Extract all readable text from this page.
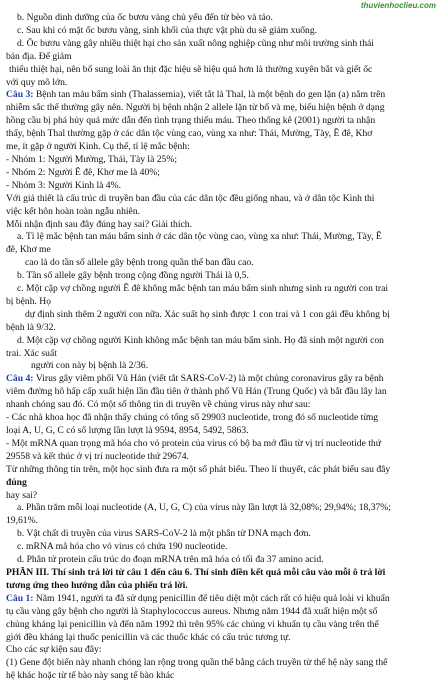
thuvienhoclieu.com
b. Nguồn dinh dưỡng của ốc bươu vàng chủ yếu đến từ bèo và tảo.
c. Sau khi có mặt ốc bươu vàng, sinh khối của thực vật phù du sẽ giảm xuống.
d. Ốc bươu vàng gây nhiều thiệt hại cho sản xuất nông nghiệp cũng như môi trường sinh thái
bản địa. Để giảm
thiểu thiệt hại, nên bổ sung loài ăn thịt đặc hiệu sẽ hiệu quả hơn là thường xuyên bắt và giết ốc
với quy mô lớn.
Câu 3: Bệnh tan máu bẩm sinh (Thalassemia), viết tắt là Thal, là một bệnh do gen lặn (a) nằm trên
nhiễm sắc thể thường gây nên. Người bị bệnh nhận 2 allele lặn từ bố và mẹ, biểu hiện bệnh ở dạng
hồng cầu bị phá hủy quá mức dẫn đến tình trạng thiếu máu. Theo thống kê (2001) người ta nhận
thấy, bệnh Thal thường gặp ở các dân tộc vùng cao, vùng xa như: Thái, Mường, Tày, Ê đê, Khơ
me, ít gặp ở người Kinh. Cụ thể, tỉ lệ mắc bệnh:
- Nhóm 1: Người Mường, Thái, Tày là 25%;
- Nhóm 2: Người Ê đê, Khơ me là 40%;
- Nhóm 3: Người Kinh là 4%.
Với giả thiết là cấu trúc di truyền ban đầu của các dân tộc đều giống nhau, và ở dân tộc Kinh thì
việc kết hôn hoàn toàn ngẫu nhiên.
Mỗi nhận định sau đây đúng hay sai? Giải thích.
a. Tỉ lệ mắc bệnh tan máu bẩm sinh ở các dân tộc vùng cao, vùng xa như: Thái, Mường, Tày, Ê
đê, Khơ me
cao là do tần số allele gây bệnh trong quần thể ban đầu cao.
b. Tần số allele gây bệnh trong cộng đồng người Thái là 0,5.
c. Một cặp vợ chồng người Ê đê không mắc bệnh tan máu bẩm sinh nhưng sinh ra người con trai
bị bệnh. Họ
dự định sinh thêm 2 người con nữa. Xác suất họ sinh được 1 con trai và 1 con gái đều không bị
bệnh là 9/32.
d. Một cặp vợ chồng người Kinh không mắc bệnh tan máu bẩm sinh. Họ đã sinh một người con
trai. Xác suất
người con này bị bệnh là 2/36.
Câu 4: Virus gây viêm phổi Vũ Hán (viết tắt SARS-CoV-2) là một chủng coronavirus gây ra bệnh
viêm đường hô hấp cấp xuất hiện lần đầu tiên ở thành phố Vũ Hán (Trung Quốc) và bắt đầu lây lan
nhanh chóng sau đó. Có một số thông tin di truyền về chủng virus này như sau:
- Các nhà khoa học đã nhận thấy chúng có tổng số 29903 nucleotide, trong đó số nucleotide từng
loại A, U, G, C có số lượng lần lượt là 9594, 8954, 5492, 5863.
- Một mRNA quan trọng mã hóa cho vỏ protein của virus có bộ ba mở đầu từ vị trí nucleotide thứ
29558 và kết thúc ở vị trí nucleotide thứ 29674.
Từ những thông tin trên, một học sinh đưa ra một số phát biểu. Theo lí thuyết, các phát biểu sau đây
đúng
hay sai?
a. Phần trăm mỗi loại nucleotide (A, U, G, C) của virus này lần lượt là 32,08%; 29,94%; 18,37%;
19,61%.
b. Vật chất di truyền của virus SARS-CoV-2 là một phân tử DNA mạch đơn.
c. mRNA mã hóa cho vỏ virus có chứa 190 nucleotide.
d. Phân tử protein cấu trúc do đoạn mRNA trên mã hóa có tối đa 37 amino acid.
PHẦN III. Thí sinh trả lời từ câu 1 đến câu 6. Thí sinh điền kết quả mỗi câu vào mỗi ô trả lời
tương ứng theo hướng dẫn của phiếu trả lời.
Câu 1: Năm 1941, người ta đã sử dụng penicillin để tiêu diệt một cách rất có hiệu quả loài vi khuẩn
tụ cầu vàng gây bệnh cho người là Staphylococcus aureus. Nhưng năm 1944 đã xuất hiện một số
chủng kháng lại penicillin và đến năm 1992 thì trên 95% các chủng vi khuẩn tụ cầu vàng trên thế
giới đều kháng lại thuốc penicillin và các thuốc khác có cấu trúc tương tự.
Cho các sự kiện sau đây:
(1) Gene đột biến này nhanh chóng lan rộng trong quần thể bằng cách truyền từ thế hệ này sang thế
hệ khác hoặc từ tế bào này sang tế bào khác
